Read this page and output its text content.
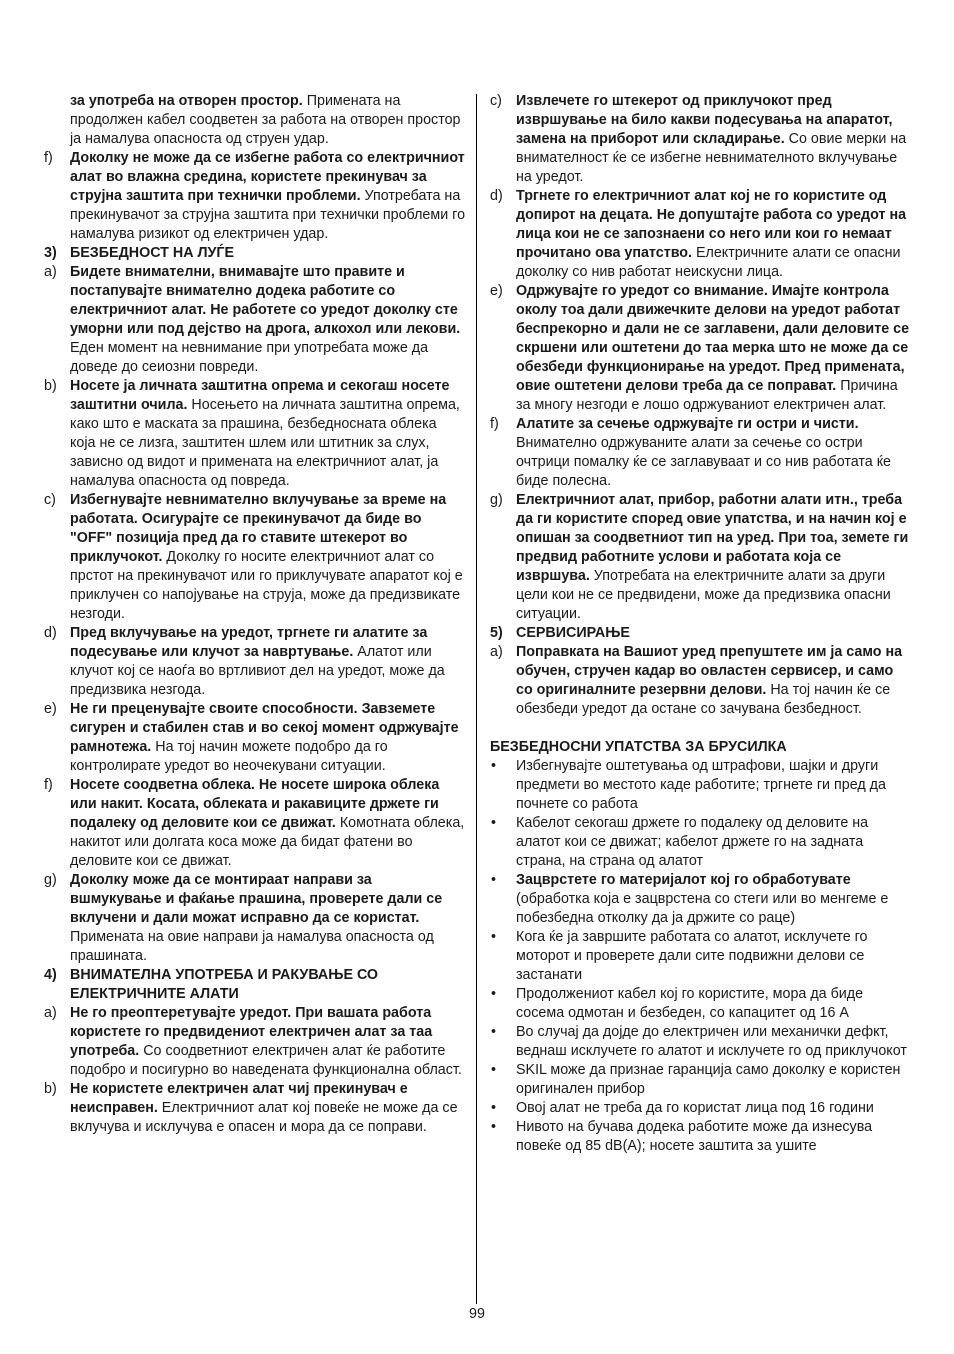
за употреба на отворен простор. Примената на продолжен кабел соодветен за работа на отворен простор ја намалува опасноста од струен удар.
f) Доколку не може да се избегне работа со електричниот алат во влажна средина, користете прекинувач за струјна заштита при технички проблеми. Употребата на прекинувачот за струјна заштита при технички проблеми го намалува ризикот од електричен удар.
3) БЕЗБЕДНОСТ НА ЛУЃЕ
a) Бидете внимателни, внимавајте што правите и постапувајте внимателно додека работите со електричниот алат. Не работете со уредот доколку сте уморни или под дејство на дрога, алкохол или лекови. Еден момент на невнимание при употребата може да доведе до сеиозни повреди.
b) Носете ја личната заштитна опрема и секогаш носете заштитни очила. Носењето на личната заштитна опрема, како што е маската за прашина, безбедносната облека која не се лизга, заштитен шлем или штитник за слух, зависно од видот и примената на електричниот алат, ја намалува опасноста од повреда.
c) Избегнувајте невнимателно вклучување за време на работата. Осигурајте се прекинувачот да биде во "OFF" позиција пред да го ставите штекерот во приклучокот. Доколку го носите електричниот алат со прстот на прекинувачот или го приклучувате апаратот кој е приклучен со напојување на струја, може да предизвикате незгоди.
d) Пред вклучување на уредот, тргнете ги алатите за подесување или клучот за навртување. Алатот или клучот кој се наоѓа во вртливиот дел на уредот, може да предизвика незгода.
e) Не ги преценувајте своите способности. Завземете сигурен и стабилен став и во секој момент одржувајте рамнотежа. На тој начин можете подобро да го контролирате уредот во неочекувани ситуации.
f) Носете соодветна облека. Не носете широка облека или накит. Косата, облеката и ракавиците држете ги подалеку од деловите кои се движат. Комотната облека, накитот или долгата коса може да бидат фатени во деловите кои се движат.
g) Доколку може да се монтираат направи за вшмукување и фаќање прашина, проверете дали се вклучени и дали можат исправно да се користат. Примената на овие направи ја намалува опасноста од прашината.
4) ВНИМАТЕЛНА УПОТРЕБА И РАКУВАЊЕ СО ЕЛЕКТРИЧНИТЕ АЛАТИ
a) Не го преоптеретувајте уредот. При вашата работа користете го предвидениот електричен алат за таа употреба. Со соодветниот електричен алат ќе работите подобро и посигурно во наведената функционална област.
b) Не користете електричен алат чиј прекинувач е неисправен. Електричниот алат кој повеќе не може да се вклучува и исклучува е опасен и мора да се поправи.
c) Извлечете го штекерот од приклучокот пред извршување на било какви подесувања на апаратот, замена на приборот или складирање. Со овие мерки на внимателност ќе се избегне невнимателното вклучување на уредот.
d) Тргнете го електричниот алат кој не го користите од допирот на децата. Не допуштајте работа со уредот на лица кои не се запознаени со него или кои го немаат прочитано ова упатство. Електричните алати се опасни доколку со нив работат неискусни лица.
e) Одржувајте го уредот со внимание. Имајте контрола околу тоа дали движечките делови на уредот работат беспрекорно и дали не се заглавени, дали деловите се скршени или оштетени до таа мерка што не може да се обезбеди функционирање на уредот. Пред примената, овие оштетени делови треба да се поправат. Причина за многу незгоди е лошо одржуваниот електричен алат.
f) Алатите за сечење одржувајте ги остри и чисти. Внимателно одржуваните алати за сечење со остри очтрици помалку ќе се заглавуваат и со нив работата ќе биде полесна.
g) Електричниот алат, прибор, работни алати итн., треба да ги користите според овие упатства, и на начин кој е опишан за соодветниот тип на уред. При тоа, земете ги предвид работните услови и работата која се извршува. Употребата на електричните алати за други цели кои не се предвидени, може да предизвика опасни ситуации.
5) СЕРВИСИРАЊЕ
a) Поправката на Вашиот уред препуштете им ја само на обучен, стручен кадар во овластен сервисер, и само со оригиналните резервни делови. На тој начин ќе се обезбеди уредот да остане со зачувана безбедност.
БЕЗБЕДНОСНИ УПАТСТВА ЗА БРУСИЛКА
• Избегнувајте оштетувања од штрафови, шајки и други предмети во местото каде работите; тргнете ги пред да почнете со работа
• Кабелот секогаш држете го подалеку од деловите на алатот кои се движат; кабелот држете го на задната страна, на страна од алатот
• Зацврстете го материјалот кој го обработувате (обработка која е зацврстена со стеги или во менгеме е побезбедна отколку да ја држите со раце)
• Кога ќе ја завршите работата со алатот, исклучете го моторот и проверете дали сите подвижни делови се застанати
• Продолжениот кабел кој го користите, мора да биде сосема одмотан и безбеден, со капацитет од 16 A
• Во случај да дојде до електричен или механички дефкт, веднаш исклучете го алатот и исклучете го од приклучокот
• SKIL може да признае гаранција само доколку е користен оригинален прибор
• Овој алат не треба да го користат лица под 16 години
• Нивото на бучава додека работите може да изнесува повеќе од 85 dB(A); носете заштита за ушите
99
